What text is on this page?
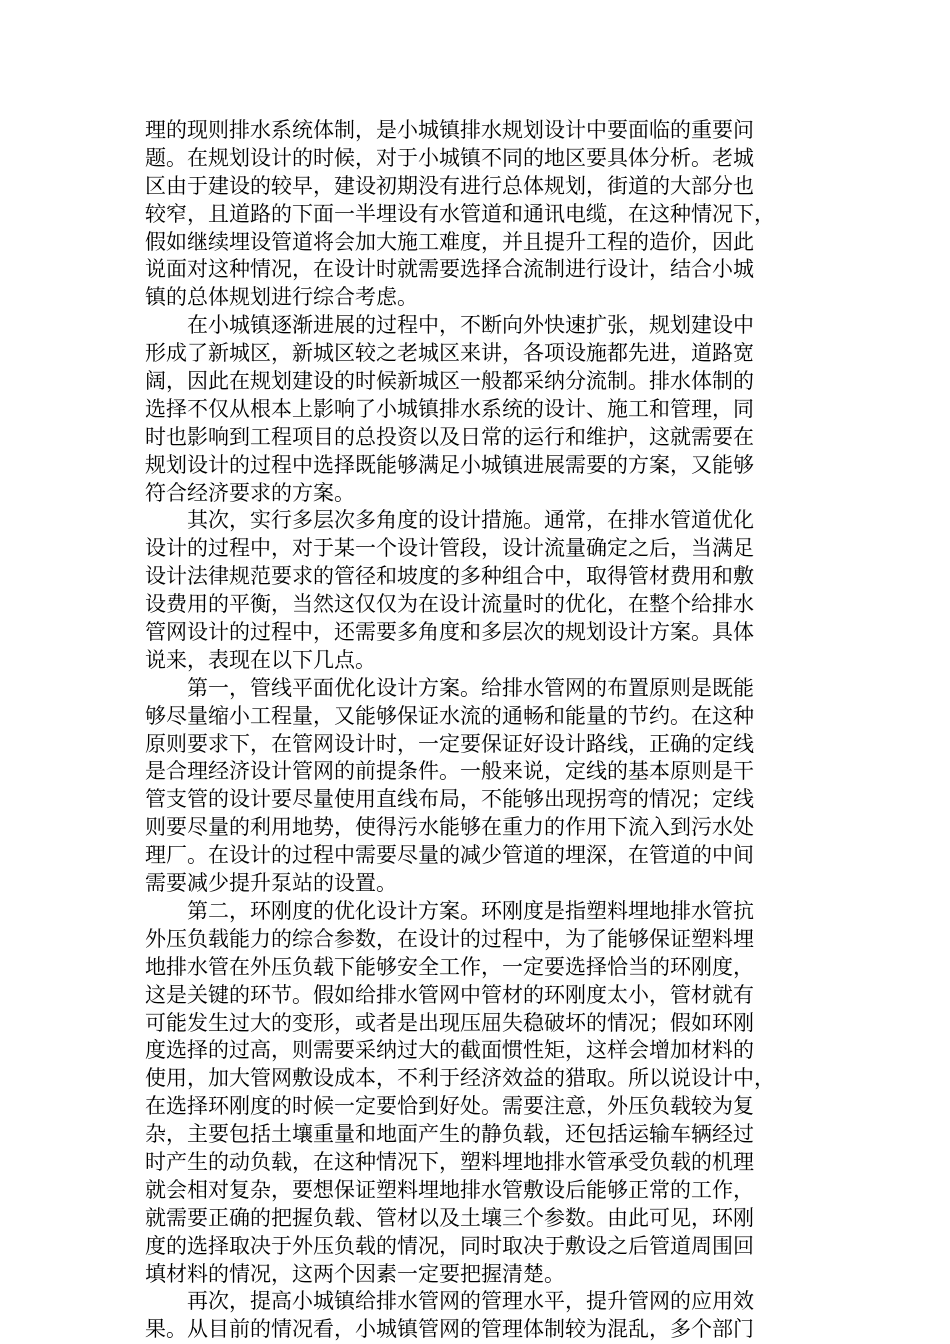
理的现则排水系统体制，是小城镇排水规划设计中要面临的重要问
题。在规划设计的时候，对于小城镇不同的地区要具体分析。老城
区由于建设的较早，建设初期没有进行总体规划，街道的大部分也
较窄，且道路的下面一半埋设有水管道和通讯电缆，在这种情况下，
假如继续埋设管道将会加大施工难度，并且提升工程的造价，因此
说面对这种情况，在设计时就需要选择合流制进行设计，结合小城
镇的总体规划进行综合考虑。
在小城镇逐渐进展的过程中，不断向外快速扩张，规划建设中
形成了新城区，新城区较之老城区来讲，各项设施都先进，道路宽
阔，因此在规划建设的时候新城区一般都采纳分流制。排水体制的
选择不仅从根本上影响了小城镇排水系统的设计、施工和管理，同
时也影响到工程项目的总投资以及日常的运行和维护，这就需要在
规划设计的过程中选择既能够满足小城镇进展需要的方案，又能够
符合经济要求的方案。
其次，实行多层次多角度的设计措施。通常，在排水管道优化
设计的过程中，对于某一个设计管段，设计流量确定之后，当满足
设计法律规范要求的管径和坡度的多种组合中，取得管材费用和敷
设费用的平衡，当然这仅仅为在设计流量时的优化，在整个给排水
管网设计的过程中，还需要多角度和多层次的规划设计方案。具体
说来，表现在以下几点。
第一，管线平面优化设计方案。给排水管网的布置原则是既能
够尽量缩小工程量，又能够保证水流的通畅和能量的节约。在这种
原则要求下，在管网设计时，一定要保证好设计路线，正确的定线
是合理经济设计管网的前提条件。一般来说，定线的基本原则是干
管支管的设计要尽量使用直线布局，不能够出现拐弯的情况；定线
则要尽量的利用地势，使得污水能够在重力的作用下流入到污水处
理厂。在设计的过程中需要尽量的减少管道的埋深，在管道的中间
需要减少提升泵站的设置。
第二，环刚度的优化设计方案。环刚度是指塑料埋地排水管抗
外压负载能力的综合参数，在设计的过程中，为了能够保证塑料埋
地排水管在外压负载下能够安全工作，一定要选择恰当的环刚度，
这是关键的环节。假如给排水管网中管材的环刚度太小，管材就有
可能发生过大的变形，或者是出现压屈失稳破坏的情况；假如环刚
度选择的过高，则需要采纳过大的截面惯性矩，这样会增加材料的
使用，加大管网敷设成本，不利于经济效益的猎取。所以说设计中，
在选择环刚度的时候一定要恰到好处。需要注意，外压负载较为复
杂，主要包括土壤重量和地面产生的静负载，还包括运输车辆经过
时产生的动负载，在这种情况下，塑料埋地排水管承受负载的机理
就会相对复杂，要想保证塑料埋地排水管敷设后能够正常的工作，
就需要正确的把握负载、管材以及土壤三个参数。由此可见，环刚
度的选择取决于外压负载的情况，同时取决于敷设之后管道周围回
填材料的情况，这两个因素一定要把握清楚。
再次，提高小城镇给排水管网的管理水平，提升管网的应用效
果。从目前的情况看，小城镇管网的管理体制较为混乱，多个部门
